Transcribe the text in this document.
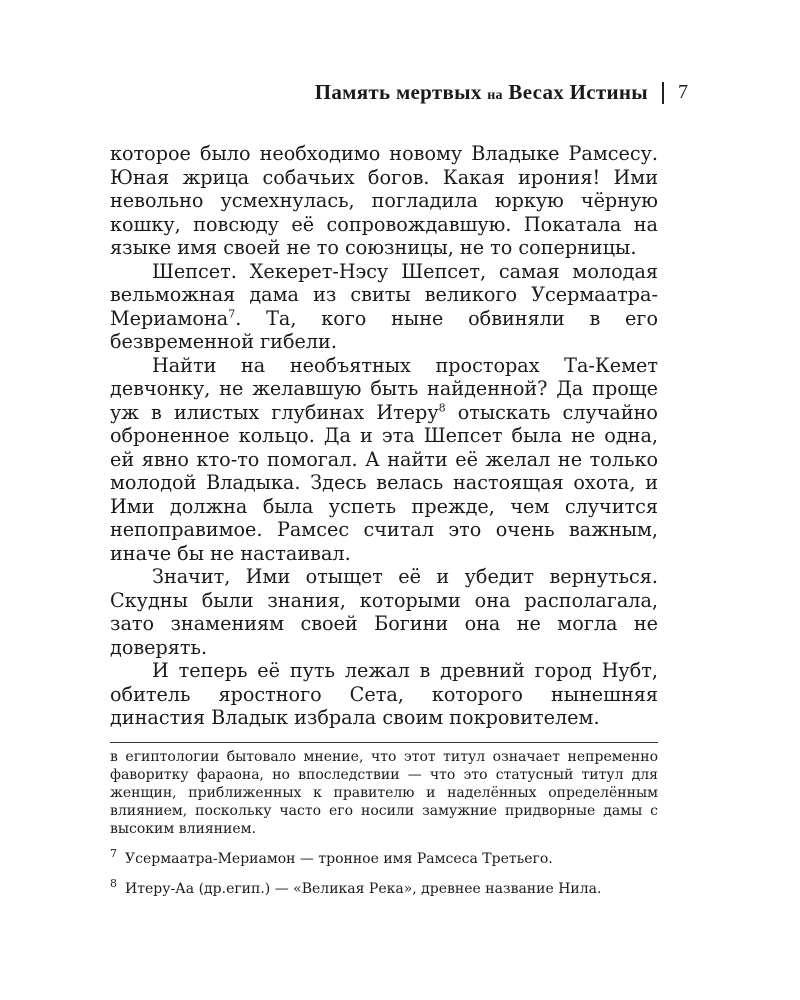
Память мертвых на Весах Истины 7

которое было необходимо новому Владыке Рамсесу. Юная жрица собачьих богов. Какая ирония! Ими невольно усмехнулась, погладила юркую чёрную кошку, повсюду её сопровождавшую. Покатала на языке имя своей не то союзницы, не то соперницы.

Шепсет. Хекерет-Нэсу Шепсет, самая молодая вельможная дама из свиты великого Усермаатра-Мериамона$^7$. Та, кого ныне обвиняли в его безвременной гибели.

Найти на необъятных просторах Та-Кемет девчонку, не желавшую быть найденной? Да проще уж в илистых глубинах Итеру$^8$ отыскать случайно оброненное кольцо. Да и эта Шепсет была не одна, ей явно кто-то помогал. А найти её желал не только молодой Владыка. Здесь велась настоящая охота, и Ими должна была успеть прежде, чем случится непоправимое. Рамсес считал это очень важным, иначе бы не настаивал.

Значит, Ими отыщет её и убедит вернуться. Скудны были знания, которыми она располагала, зато знамениям своей Богини она не могла не доверять.

И теперь её путь лежал в древний город Нубт, обитель яростного Сета, которого нынешняя династия Владык избрала своим покровителем.

в египтологии бытовало мнение, что этот титул означает непременно фаворитку фараона, но впоследствии — что это статусный титул для женщин, приближенных к правителю и наделённых определённым влиянием, поскольку часто его носили замужние придворные дамы с высоким влиянием.

$^7$ Усермаатра-Мериамон — тронное имя Рамсеса Третьего.

$^8$ Итеру-Аа (др.егип.) — «Великая Река», древнее название Нила.
